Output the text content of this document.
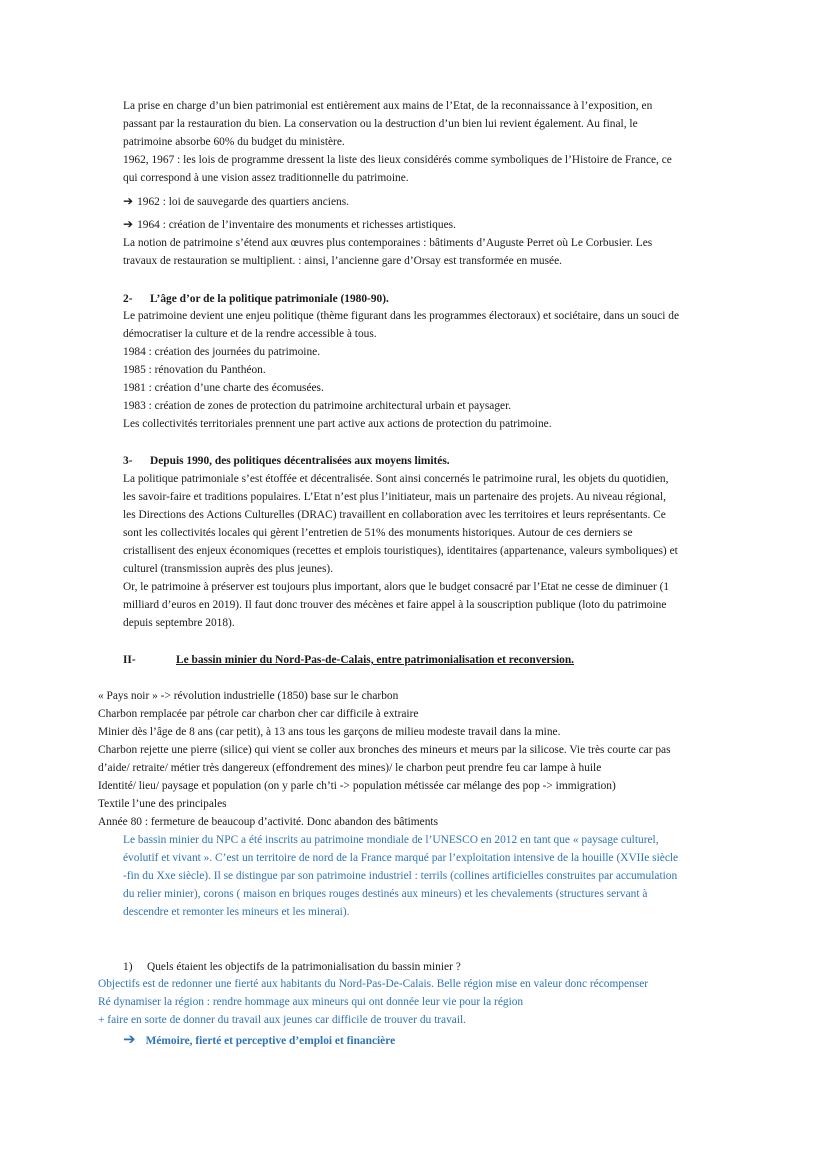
La prise en charge d’un bien patrimonial est entièrement aux mains de l’Etat, de la reconnaissance à l’exposition, en
passant par la restauration du bien. La conservation ou la destruction d’un bien lui revient également. Au final, le
patrimoine absorbe 60% du budget du ministère.
1962, 1967 : les lois de programme dressent la liste des lieux considérés comme symboliques de l’Histoire de France, ce
qui correspond à une vision assez traditionnelle du patrimoine.
➔ 1962 : loi de sauvegarde des quartiers anciens.
➔ 1964 : création de l’inventaire des monuments et richesses artistiques.
La notion de patrimoine s’étend aux œuvres plus contemporaines : bâtiments d’Auguste Perret où Le Corbusier. Les
travaux de restauration se multiplient. : ainsi, l’ancienne gare d’Orsay est transformée en musée.
2- L’âge d’or de la politique patrimoniale (1980-90).
Le patrimoine devient une enjeu politique (thème figurant dans les programmes électoraux) et sociétaire, dans un souci de
démocratiser la culture et de la rendre accessible à tous.
1984 : création des journées du patrimoine.
1985 : rénovation du Panthéon.
1981 : création d’une charte des écomusées.
1983 : création de zones de protection du patrimoine architectural urbain et paysager.
Les collectivités territoriales prennent une part active aux actions de protection du patrimoine.
3- Depuis 1990, des politiques décentralisées aux moyens limités.
La politique patrimoniale s’est étoffée et décentralisée. Sont ainsi concernés le patrimoine rural, les objets du quotidien,
les savoir-faire et traditions populaires. L’Etat n’est plus l’initiateur, mais un partenaire des projets. Au niveau régional,
les Directions des Actions Culturelles (DRAC) travaillent en collaboration avec les territoires et leurs représentants. Ce
sont les collectivités locales qui gèrent l’entretien de 51% des monuments historiques. Autour de ces derniers se
cristallisent des enjeux économiques (recettes et emplois touristiques), identitaires (appartenance, valeurs symboliques) et
culturel (transmission auprès des plus jeunes).
Or, le patrimoine à préserver est toujours plus important, alors que le budget consacré par l’Etat ne cesse de diminuer (1
milliard d’euros en 2019). Il faut donc trouver des mécènes et faire appel à la souscription publique (loto du patrimoine
depuis septembre 2018).
II-	Le bassin minier du Nord-Pas-de-Calais, entre patrimonialisation et reconversion.
« Pays noir » -> révolution industrielle (1850) base sur le charbon
Charbon remplacée par pétrole car charbon cher car difficile à extraire
Minier dès l’âge de 8 ans (car petit), à 13 ans tous les garçons de milieu modeste travail dans la mine.
Charbon rejette une pierre (silice) qui vient se coller aux bronches des mineurs et meurs par la silicose. Vie très courte car pas
d’aide/ retraite/ métier très dangereux (effondrement des mines)/ le charbon peut prendre feu car lampe à huile
Identité/ lieu/ paysage et population (on y parle ch’ti -> population métissée car mélange des pop -> immigration)
Textile l’une des principales
Année 80 : fermeture de beaucoup d’activité. Donc abandon des bâtiments
Le bassin minier du NPC a été inscrits au patrimoine mondiale de l’UNESCO en 2012 en tant que « paysage culturel,
évolutif et vivant ». C’est un territoire de nord de la France marqué par l’exploitation intensive de la houille (XVIIe siècle
-fin du Xxe siècle). Il se distingue par son patrimoine industriel : terrils (collines artificielles construites par accumulation
du relier minier), corons ( maison en briques rouges destinés aux mineurs) et les chevalements (structures servant à
descendre et remonter les mineurs et les minerai).
1) Quels étaient les objectifs de la patrimonialisation du bassin minier ?
Objectifs est de redonner une fierté aux habitants du Nord-Pas-De-Calais. Belle région mise en valeur donc récompenser
Ré dynamiser la région : rendre hommage aux mineurs qui ont donnée leur vie pour la région
+ faire en sorte de donner du travail aux jeunes car difficile de trouver du travail.
➔ Mémoire, fierté et perceptive d’emploi et financière
